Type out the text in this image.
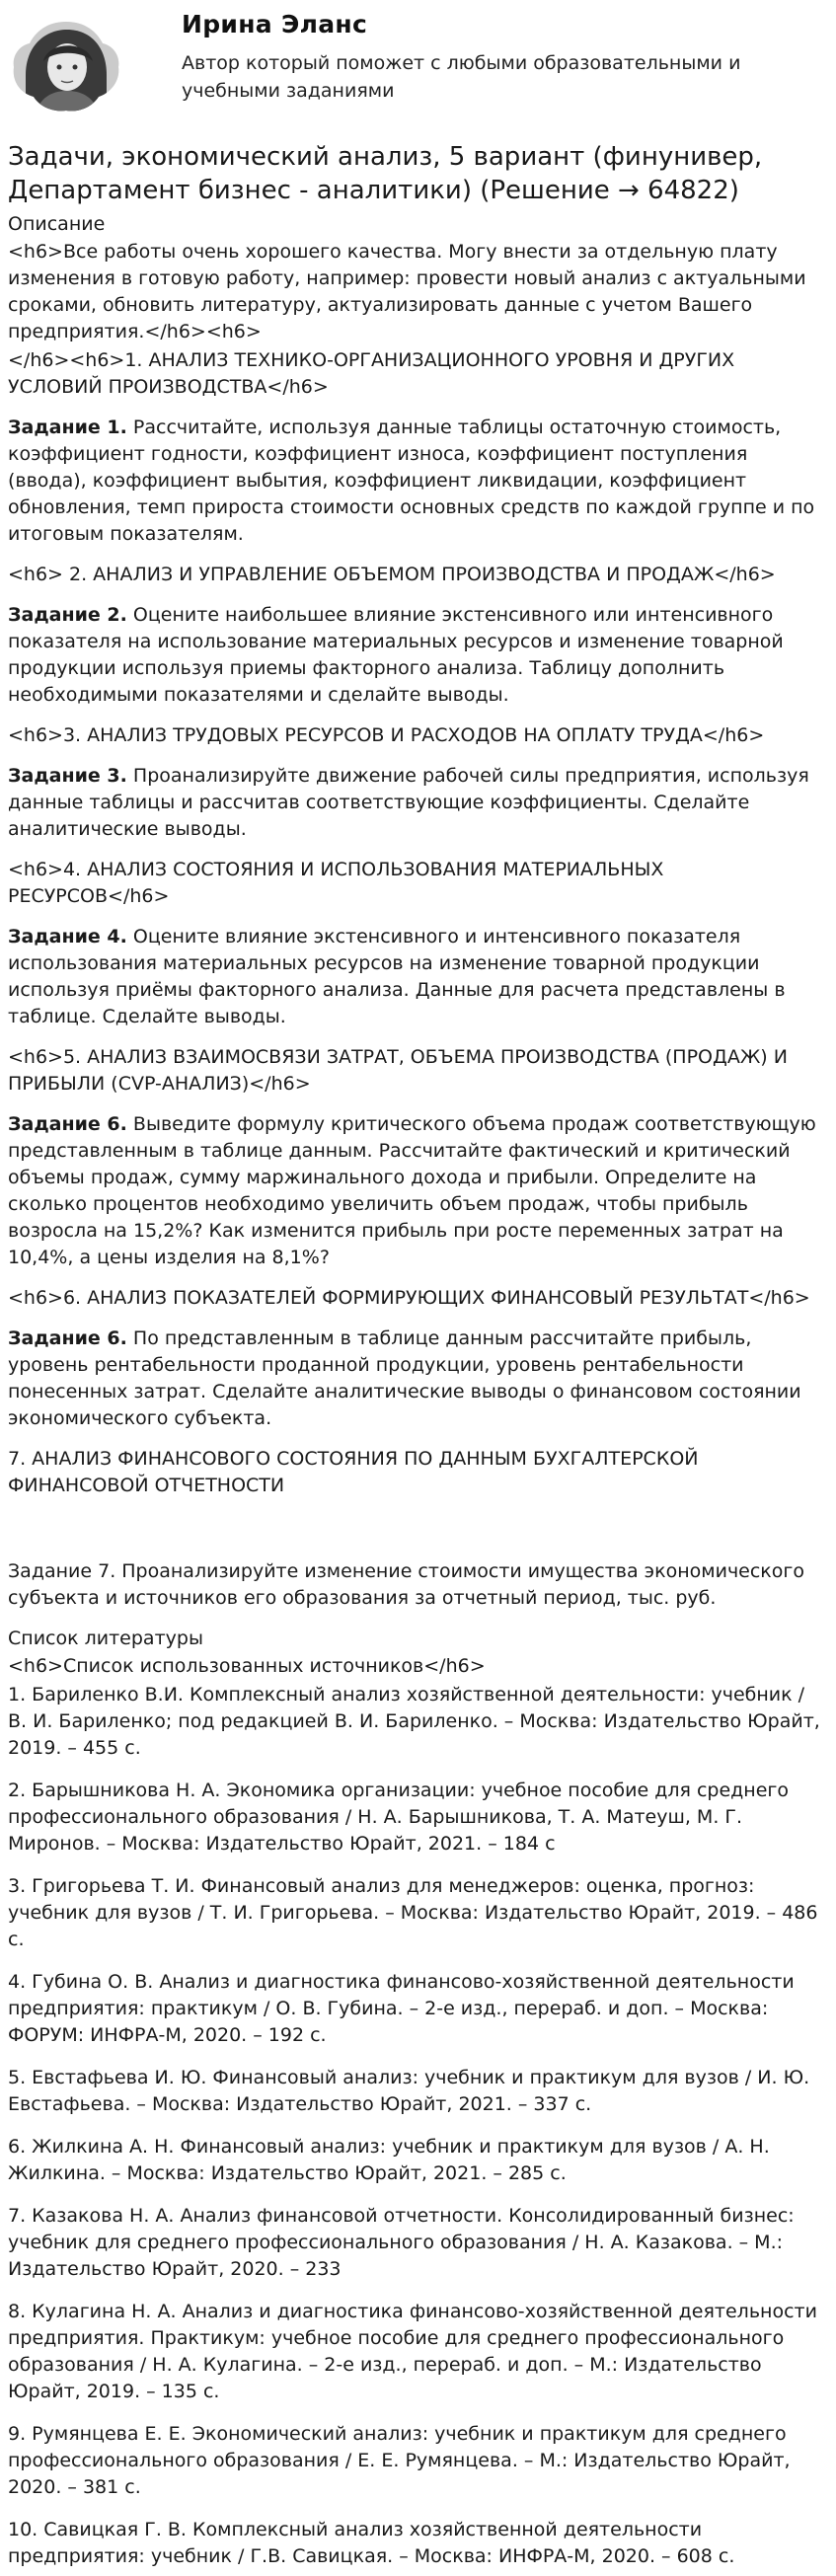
Ирина Эланс
Автор который поможет с любыми образовательными и учебными заданиями
Задачи, экономический анализ, 5 вариант (финунивер, Департамент бизнес - аналитики) (Решение → 64822)
Описание

<h6>Все работы очень хорошего качества. Могу внести за отдельную плату изменения в готовую работу, например: провести новый анализ с актуальными сроками, обновить литературу, актуализировать данные с учетом Вашего предприятия.</h6><h6>

</h6><h6>1. АНАЛИЗ ТЕХНИКО-ОРГАНИЗАЦИОННОГО УРОВНЯ И ДРУГИХ УСЛОВИЙ ПРОИЗВОДСТВА</h6>

Задание 1. Рассчитайте, используя данные таблицы остаточную стоимость, коэффициент годности, коэффициент износа, коэффициент поступления (ввода), коэффициент выбытия, коэффициент ликвидации, коэффициент обновления, темп прироста стоимости основных средств по каждой группе и по итоговым показателям.

<h6> 2. АНАЛИЗ И УПРАВЛЕНИЕ ОБЪЕМОМ ПРОИЗВОДСТВА И ПРОДАЖ</h6>

Задание 2. Оцените наибольшее влияние экстенсивного или интенсивного показателя на использование материальных ресурсов и изменение товарной продукции используя приемы факторного анализа. Таблицу дополнить необходимыми показателями и сделайте выводы.

<h6>3. АНАЛИЗ ТРУДОВЫХ РЕСУРСОВ И РАСХОДОВ НА ОПЛАТУ ТРУДА</h6>

Задание 3. Проанализируйте движение рабочей силы предприятия, используя данные таблицы и рассчитав соответствующие коэффициенты. Сделайте аналитические выводы.

<h6>4. АНАЛИЗ СОСТОЯНИЯ И ИСПОЛЬЗОВАНИЯ МАТЕРИАЛЬНЫХ РЕСУРСОВ</h6>

Задание 4. Оцените влияние экстенсивного и интенсивного показателя использования материальных ресурсов на изменение товарной продукции используя приёмы факторного анализа. Данные для расчета представлены в таблице. Сделайте выводы.

<h6>5. АНАЛИЗ ВЗАИМОСВЯЗИ ЗАТРАТ, ОБЪЕМА ПРОИЗВОДСТВА (ПРОДАЖ) И ПРИБЫЛИ (CVP-АНАЛИЗ)</h6>

Задание 6. Выведите формулу критического объема продаж соответствующую представленным в таблице данным. Рассчитайте фактический и критический объемы продаж, сумму маржинального дохода и прибыли. Определите на сколько процентов необходимо увеличить объем продаж, чтобы прибыль возросла на 15,2%? Как изменится прибыль при росте переменных затрат на 10,4%, а цены изделия на 8,1%?

<h6>6. АНАЛИЗ ПОКАЗАТЕЛЕЙ ФОРМИРУЮЩИХ ФИНАНСОВЫЙ РЕЗУЛЬТАТ</h6>

Задание 6. По представленным в таблице данным рассчитайте прибыль, уровень рентабельности проданной продукции, уровень рентабельности понесенных затрат. Сделайте аналитические выводы о финансовом состоянии экономического субъекта.

7. АНАЛИЗ ФИНАНСОВОГО СОСТОЯНИЯ ПО ДАННЫМ БУХГАЛТЕРСКОЙ ФИНАНСОВОЙ ОТЧЕТНОСТИ

Задание 7. Проанализируйте изменение стоимости имущества экономического субъекта и источников его образования за отчетный период, тыс. руб.

Список литературы

<h6>Список использованных источников</h6>

1. Бариленко В.И. Комплексный анализ хозяйственной деятельности: учебник / В. И. Бариленко; под редакцией В. И. Бариленко. – Москва: Издательство Юрайт, 2019. – 455 с.

2. Барышникова Н. А. Экономика организации: учебное пособие для среднего профессионального образования / Н. А. Барышникова, Т. А. Матеуш, М. Г. Миронов. – Москва: Издательство Юрайт, 2021. – 184 с

3. Григорьева Т. И. Финансовый анализ для менеджеров: оценка, прогноз: учебник для вузов / Т. И. Григорьева. – Москва: Издательство Юрайт, 2019. – 486 с.

4. Губина О. В. Анализ и диагностика финансово-хозяйственной деятельности предприятия: практикум / О. В. Губина. – 2-е изд., перераб. и доп. – Москва: ФОРУМ: ИНФРА-М, 2020. – 192 с.

5. Евстафьева И. Ю. Финансовый анализ: учебник и практикум для вузов / И. Ю. Евстафьева. – Москва: Издательство Юрайт, 2021. – 337 с.

6. Жилкина А. Н. Финансовый анализ: учебник и практикум для вузов / А. Н. Жилкина. – Москва: Издательство Юрайт, 2021. – 285 с.

7. Казакова Н. А. Анализ финансовой отчетности. Консолидированный бизнес: учебник для среднего профессионального образования / Н. А. Казакова. – М.: Издательство Юрайт, 2020. – 233

8. Кулагина Н. А. Анализ и диагностика финансово-хозяйственной деятельности предприятия. Практикум: учебное пособие для среднего профессионального образования / Н. А. Кулагина. – 2-е изд., перераб. и доп. – М.: Издательство Юрайт, 2019. – 135 с.

9. Румянцева Е. Е. Экономический анализ: учебник и практикум для среднего профессионального образования / Е. Е. Румянцева. – М.: Издательство Юрайт, 2020. – 381 с.

10. Савицкая Г. В. Комплексный анализ хозяйственной деятельности предприятия: учебник / Г.В. Савицкая. – Москва: ИНФРА-М, 2020. – 608 с.
